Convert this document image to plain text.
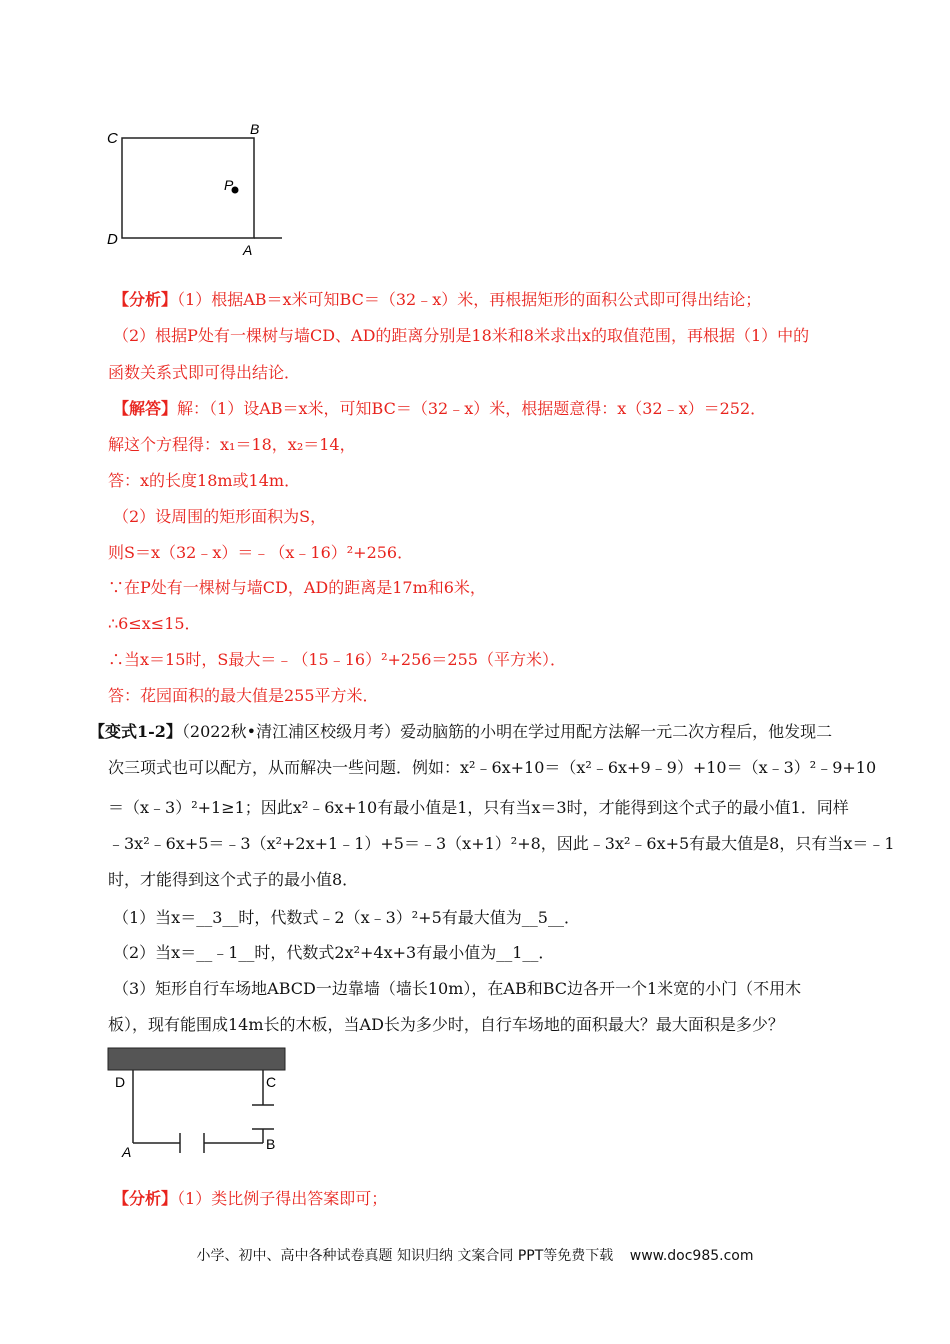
C
B
P
D
A
【分析】（1）根据AB＝x米可知BC＝（32﹣x）米，再根据矩形的面积公式即可得出结论；
（2）根据P处有一棵树与墙CD、AD的距离分别是18米和8米求出x的取值范围，再根据（1）中的
函数关系式即可得出结论．
【解答】解：（1）设AB＝x米，可知BC＝（32﹣x）米，根据题意得：x（32﹣x）＝252．
解这个方程得：x₁＝18，x₂＝14，
答：x的长度18m或14m．
（2）设周围的矩形面积为S，
则S＝x（32﹣x）＝﹣（x﹣16）²+256．
∵在P处有一棵树与墙CD，AD的距离是17m和6米，
∴6≤x≤15．
∴当x＝15时，S最大＝﹣（15﹣16）²+256＝255（平方米）．
答：花园面积的最大值是255平方米．
【变式1-2】（2022秋•清江浦区校级月考）爱动脑筋的小明在学过用配方法解一元二次方程后，他发现二
次三项式也可以配方，从而解决一些问题．例如：x²﹣6x+10＝（x²﹣6x+9﹣9）+10＝（x﹣3）²﹣9+10
＝（x﹣3）²+1≥1；因此x²﹣6x+10有最小值是1，只有当x＝3时，才能得到这个式子的最小值1．同样
﹣3x²﹣6x+5＝﹣3（x²+2x+1﹣1）+5＝﹣3（x+1）²+8，因此﹣3x²﹣6x+5有最大值是8，只有当x＝﹣1
时，才能得到这个式子的最小值8．
（1）当x＝__3__时，代数式﹣2（x﹣3）²+5有最大值为__5__．
（2）当x＝__﹣1__时，代数式2x²+4x+3有最小值为__1__．
（3）矩形自行车场地ABCD一边靠墙（墙长10m），在AB和BC边各开一个1米宽的小门（不用木
板），现有能围成14m长的木板，当AD长为多少时，自行车场地的面积最大？最大面积是多少？
D	C
A	B
【分析】（1）类比例子得出答案即可；
小学、初中、高中各种试卷真题 知识归纳 文案合同 PPT等免费下载 www.doc985.com
